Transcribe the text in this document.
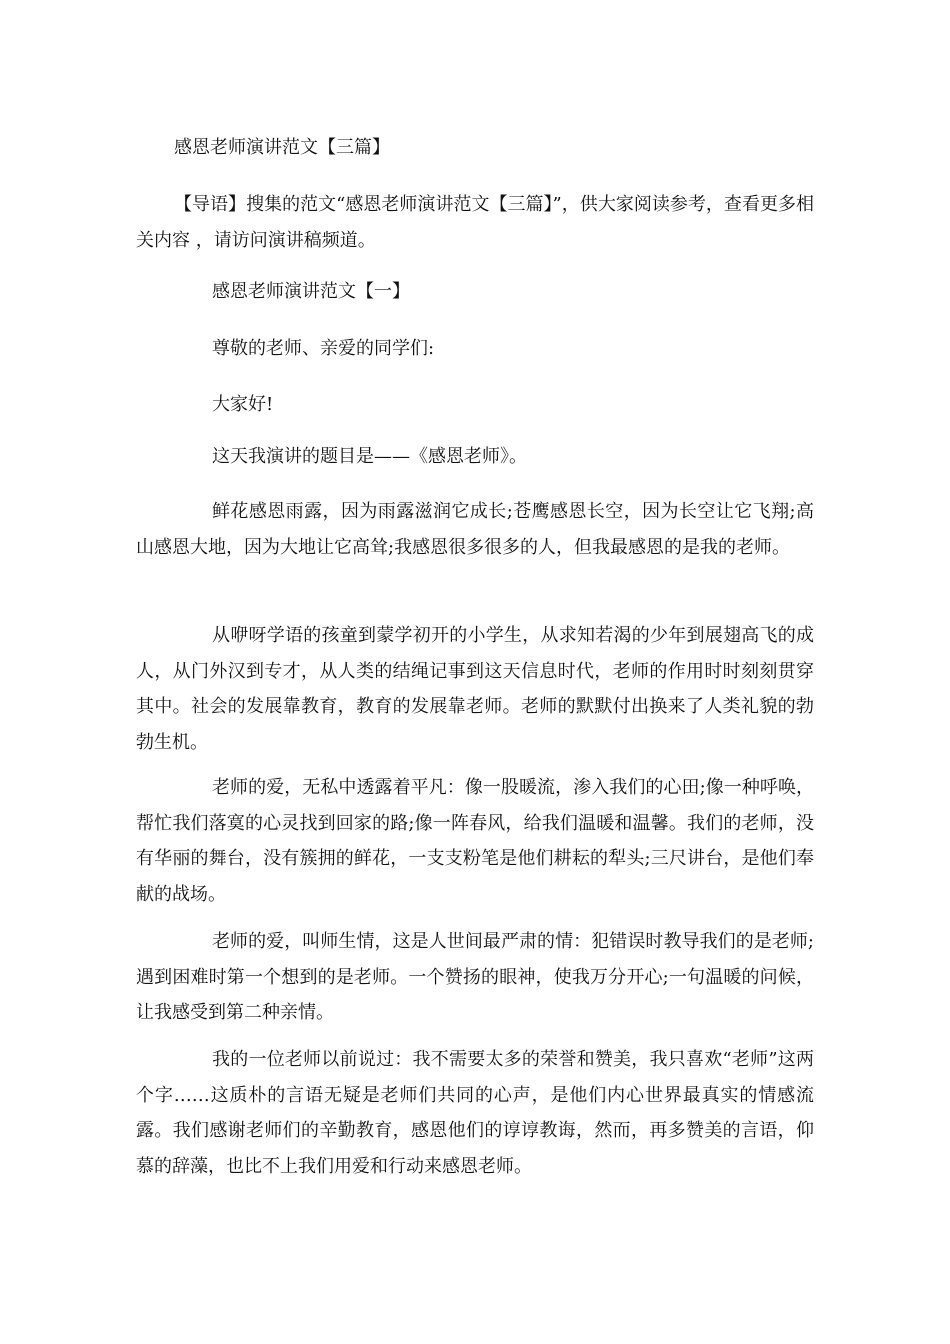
感恩老师演讲范文【三篇】
【导语】搜集的范文“感恩老师演讲范文【三篇】”，供大家阅读参考，查看更多相关内容 ，请访问演讲稿频道。
感恩老师演讲范文【一】
尊敬的老师、亲爱的同学们:
大家好!
这天我演讲的题目是——《感恩老师》。
鲜花感恩雨露，因为雨露滋润它成长;苍鹰感恩长空，因为长空让它飞翔;高山感恩大地，因为大地让它高耸;我感恩很多很多的人，但我最感恩的是我的老师。
从咿呀学语的孩童到蒙学初开的小学生，从求知若渴的少年到展翅高飞的成人，从门外汉到专才，从人类的结绳记事到这天信息时代，老师的作用时时刻刻贯穿其中。社会的发展靠教育，教育的发展靠老师。老师的默默付出换来了人类礼貌的勃勃生机。
老师的爱，无私中透露着平凡：像一股暖流，渗入我们的心田;像一种呼唤，帮忙我们落寞的心灵找到回家的路;像一阵春风，给我们温暖和温馨。我们的老师，没有华丽的舞台，没有簇拥的鲜花，一支支粉笔是他们耕耘的犁头;三尺讲台，是他们奉献的战场。
老师的爱，叫师生情，这是人世间最严肃的情：犯错误时教导我们的是老师;遇到困难时第一个想到的是老师。一个赞扬的眼神，使我万分开心;一句温暖的问候，让我感受到第二种亲情。
我的一位老师以前说过：我不需要太多的荣誉和赞美，我只喜欢“老师”这两个字……这质朴的言语无疑是老师们共同的心声，是他们内心世界最真实的情感流露。我们感谢老师们的辛勤教育，感恩他们的谆谆教诲，然而，再多赞美的言语，仰慕的辞藻，也比不上我们用爱和行动来感恩老师。
